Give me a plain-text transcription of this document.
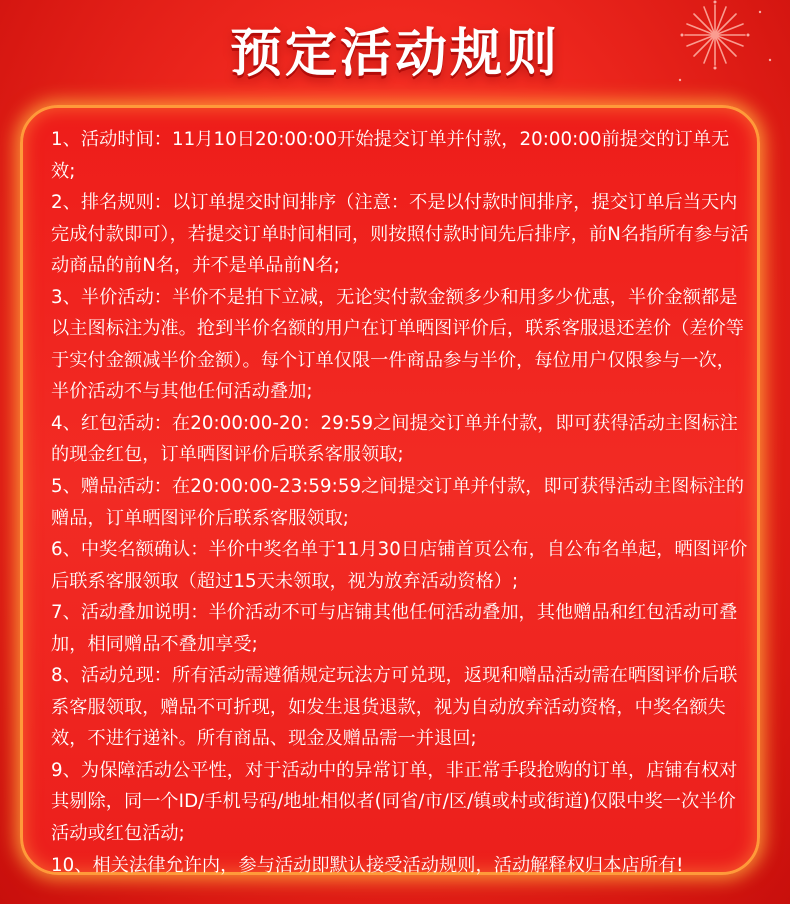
预定活动规则
1、活动时间：11月10日20:00:00开始提交订单并付款，20:00:00前提交的订单无效;
2、排名规则：以订单提交时间排序（注意：不是以付款时间排序，提交订单后当天内完成付款即可），若提交订单时间相同，则按照付款时间先后排序，前N名指所有参与活动商品的前N名，并不是单品前N名;
3、半价活动：半价不是拍下立减，无论实付款金额多少和用多少优惠，半价金额都是以主图标注为准。抢到半价名额的用户在订单晒图评价后，联系客服退还差价（差价等于实付金额减半价金额）。每个订单仅限一件商品参与半价，每位用户仅限参与一次，半价活动不与其他任何活动叠加;
4、红包活动：在20:00:00-20：29:59之间提交订单并付款，即可获得活动主图标注的现金红包，订单晒图评价后联系客服领取;
5、赠品活动：在20:00:00-23:59:59之间提交订单并付款，即可获得活动主图标注的赠品，订单晒图评价后联系客服领取;
6、中奖名额确认：半价中奖名单于11月30日店铺首页公布，自公布名单起，晒图评价后联系客服领取（超过15天未领取，视为放弃活动资格）;
7、活动叠加说明：半价活动不可与店铺其他任何活动叠加，其他赠品和红包活动可叠加，相同赠品不叠加享受;
8、活动兑现：所有活动需遵循规定玩法方可兑现，返现和赠品活动需在晒图评价后联系客服领取，赠品不可折现，如发生退货退款，视为自动放弃活动资格，中奖名额失效，不进行递补。所有商品、现金及赠品需一并退回;
9、为保障活动公平性，对于活动中的异常订单，非正常手段抢购的订单，店铺有权对其剔除，同一个ID/手机号码/地址相似者(同省/市/区/镇或村或街道)仅限中奖一次半价活动或红包活动;
10、相关法律允许内，参与活动即默认接受活动规则，活动解释权归本店所有!
